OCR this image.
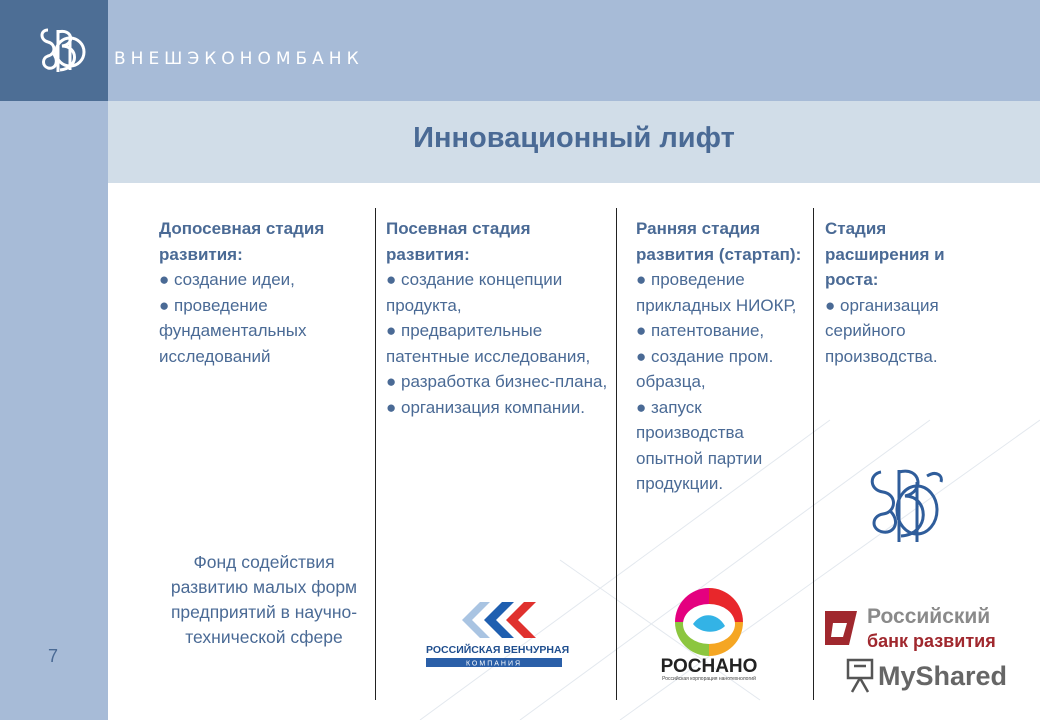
ВНЕШЭКОНОМБАНК
Инновационный лифт

Допосевная стадия развития:

● создание идеи,

● проведение фундаментальных исследований

Посевная стадия развития:

● создание концепции продукта,

● предварительные патентные исследования,

● разработка бизнес-плана,

● организация компании.

Ранняя стадия развития (стартап):

● проведение прикладных НИОКР,

● патентование,

● создание пром. образца,

● запуск производства опытной партии продукции.

Стадия расширения и роста:

● организация серийного производства.

Фонд содействия развитию малых форм предприятий в научно-технической сфере
7	РОССИЙСКАЯ ВЕНЧУРНАЯ
КОМПАНИЯ	РОСНАНО
Российская корпорация нанотехнологий
Российский
банк развития
MyShared
